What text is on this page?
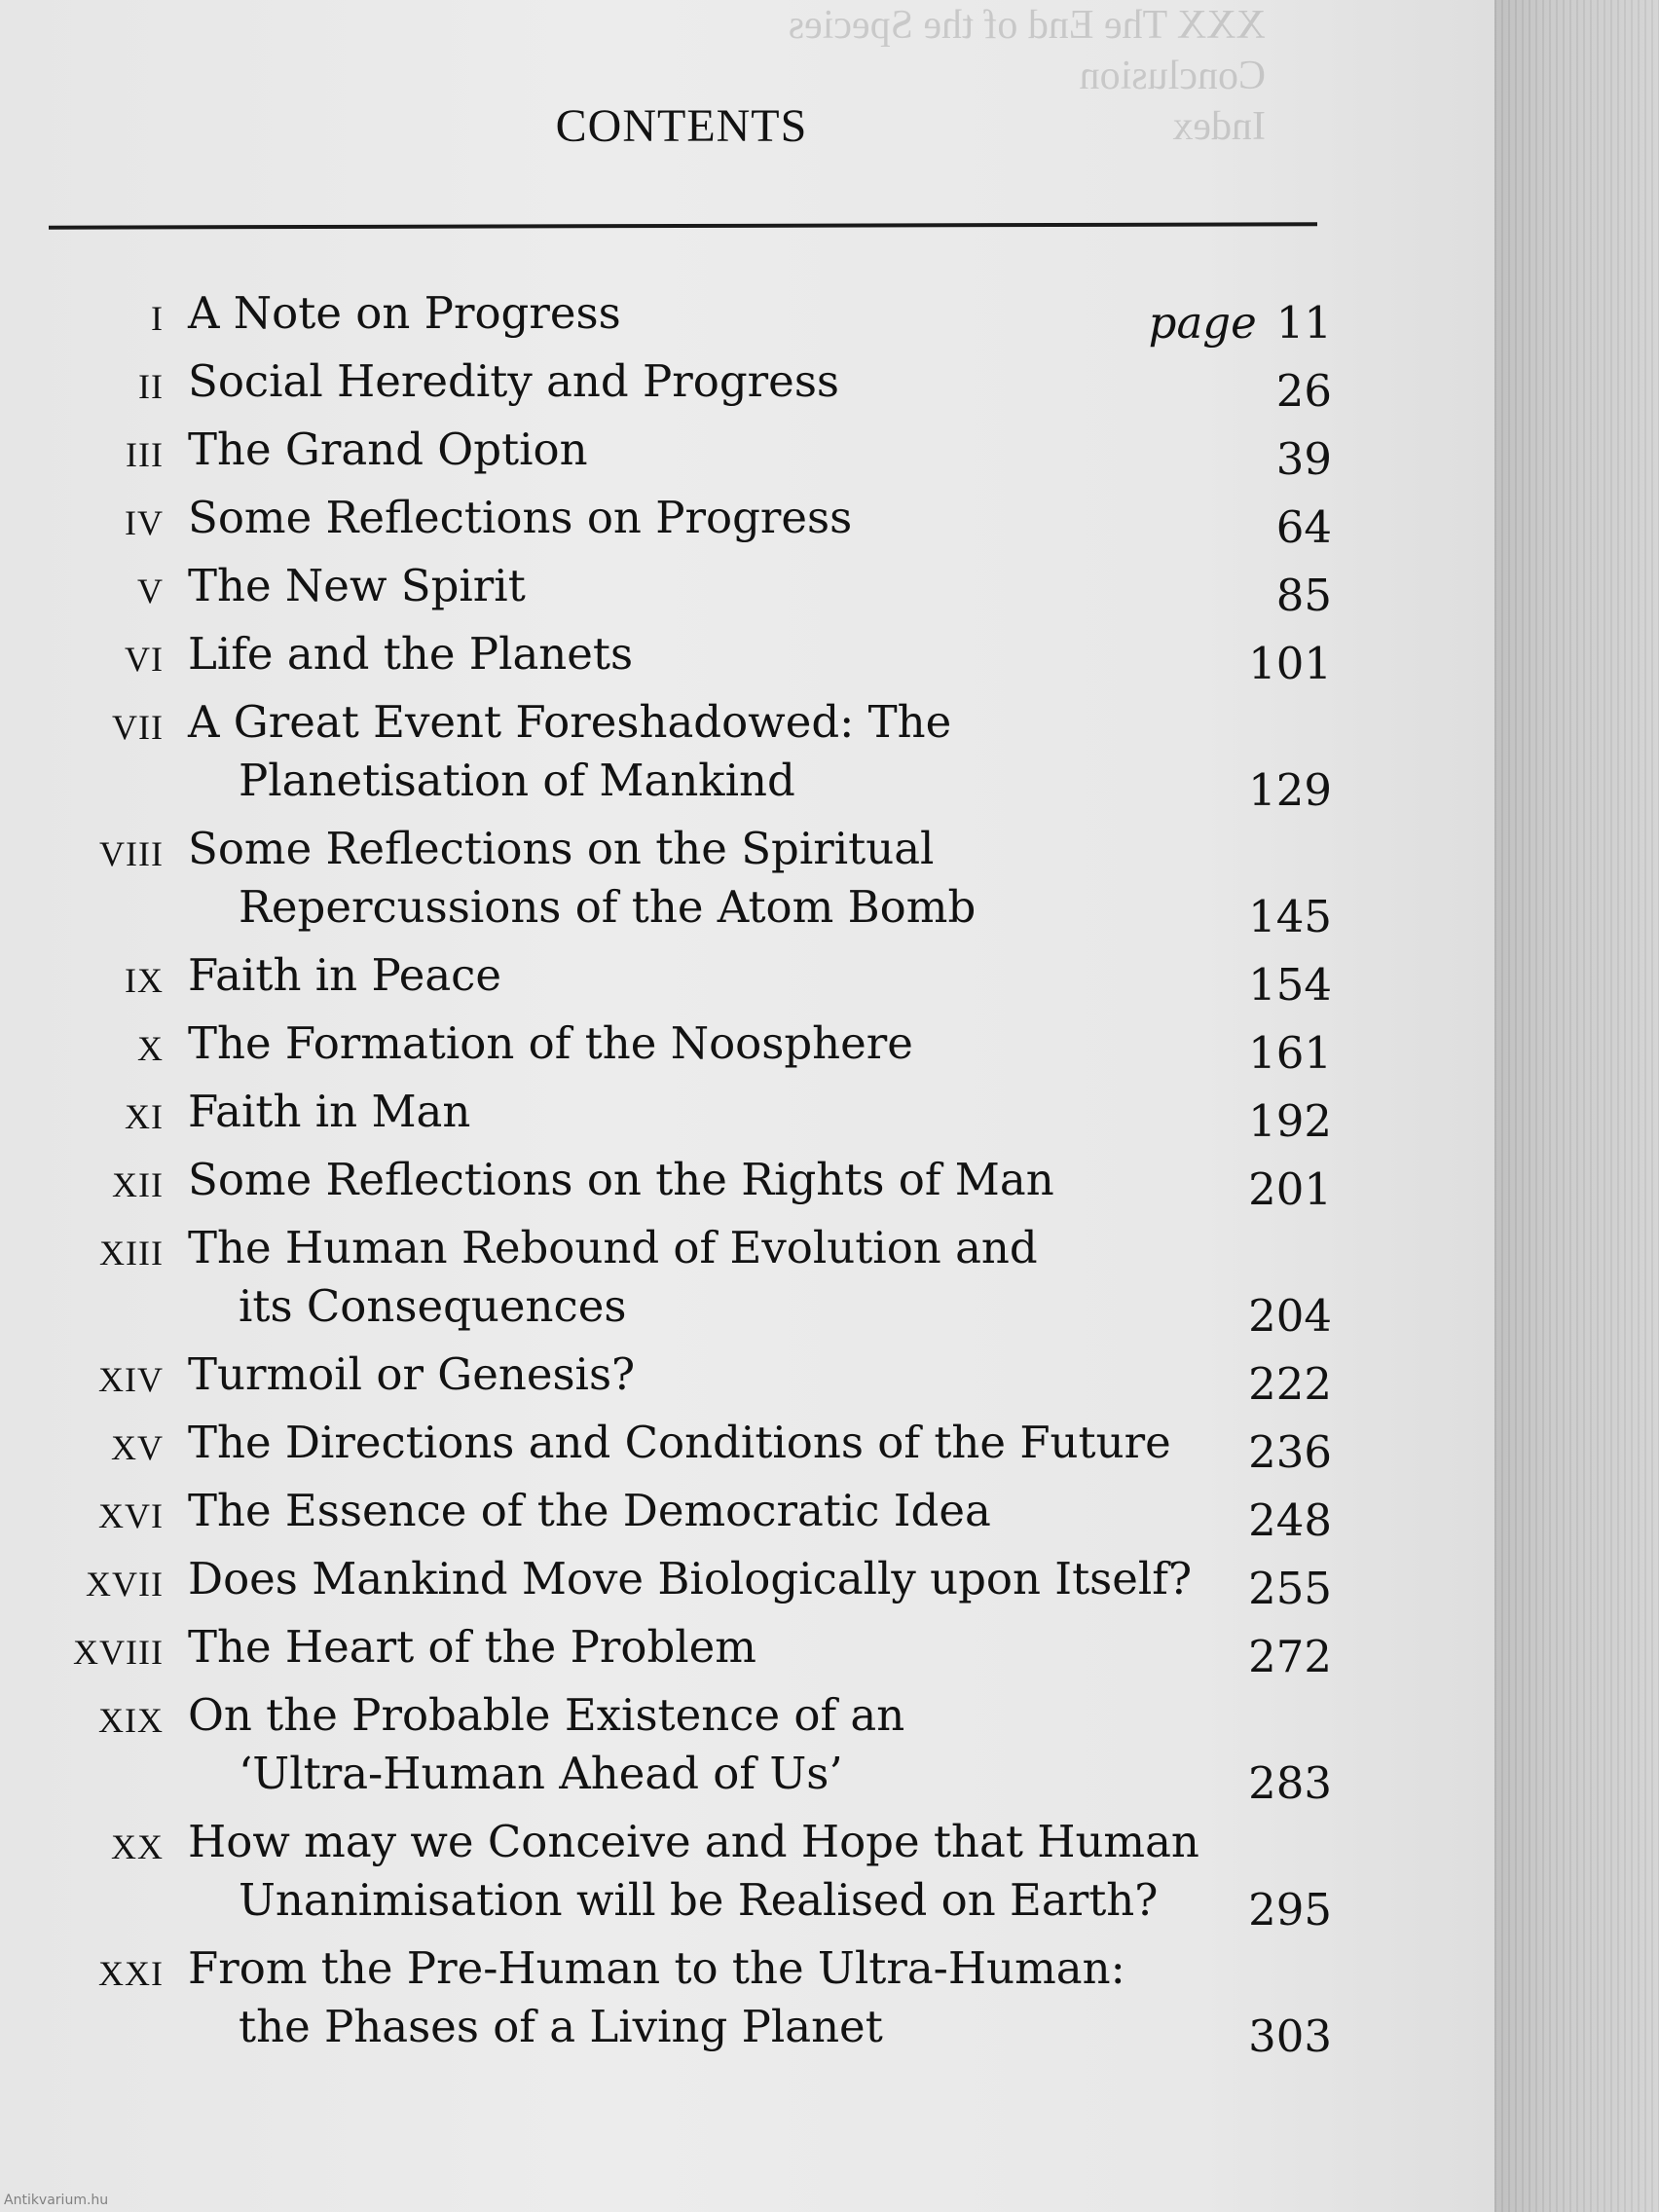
XXX The End of the Species
Conclusion
Index
CONTENTS
I A Note on Progress	page 11
II Social Heredity and Progress	26
III The Grand Option	39
IV Some Reflections on Progress	64
V The New Spirit	85
VI Life and the Planets	101
VII A Great Event Foreshadowed: The
Planetisation of Mankind	129
VIII Some Reflections on the Spiritual
Repercussions of the Atom Bomb	145
IX Faith in Peace	154
X The Formation of the Noosphere	161
XI Faith in Man	192
XII Some Reflections on the Rights of Man	201
XIII The Human Rebound of Evolution and
its Consequences	204
XIV Turmoil or Genesis?	222
XV The Directions and Conditions of the Future	236
XVI The Essence of the Democratic Idea	248
XVII Does Mankind Move Biologically upon Itself?	255
XVIII The Heart of the Problem	272
XIX On the Probable Existence of an
‘Ultra-Human Ahead of Us’	283
XX How may we Conceive and Hope that Human
Unanimisation will be Realised on Earth?	295
XXI From the Pre-Human to the Ultra-Human:
the Phases of a Living Planet	303
Antikvarium.hu
